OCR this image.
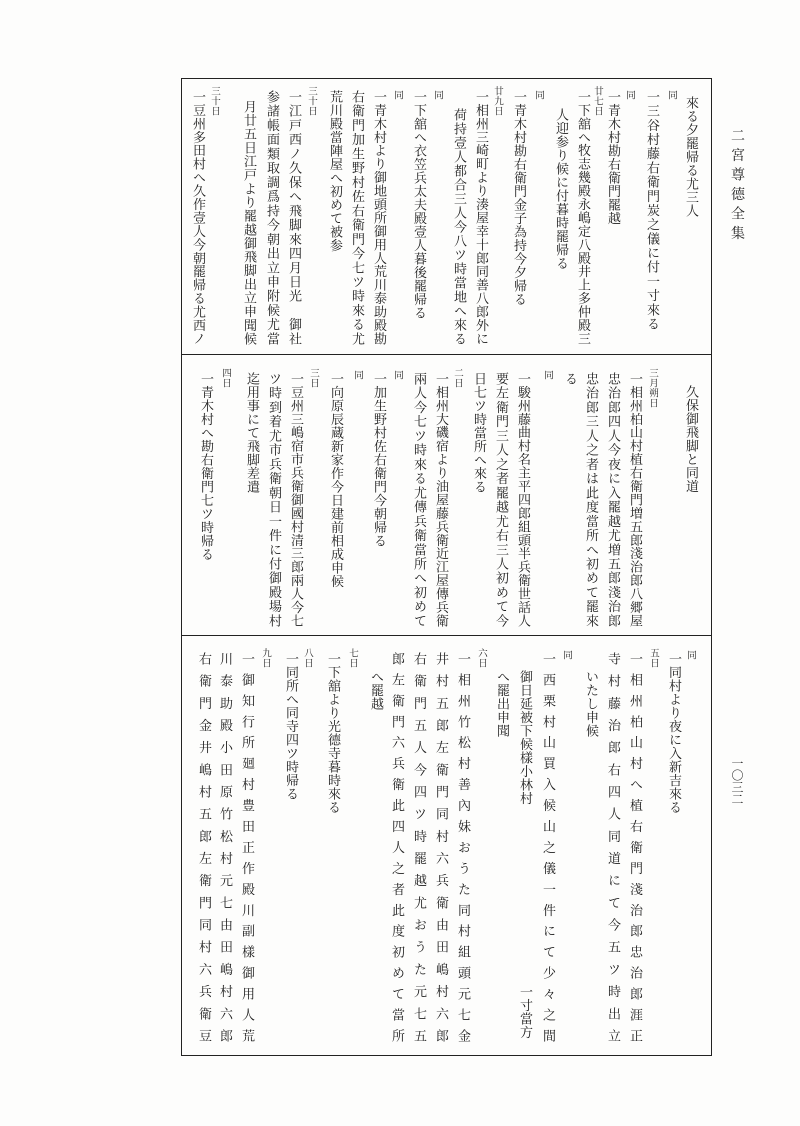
二宮尊德全集
一〇三二
來る夕罷帰る尤三人
同
一三谷村藤右衛門炭之儀に付一寸來る
同
一青木村勘右衛門罷越
廿七日
一下舘へ牧志幾殿永嶋定八殿井上多仲殿三
人迎参り候に付暮時罷帰る
同
一青木村勘右衛門金子為持今夕帰る
廿九日
一相州三崎町より湊屋幸十郎同善八郎外に
荷持壹人都合三人今八ツ時當地へ來る
同
一下舘へ衣笠兵太夫殿壹人暮後罷帰る
同
一青木村より御地頭所御用人荒川泰助殿勘
右衛門加生野村佐右衛門今七ツ時來る尤
荒川殿當陣屋へ初めて被参
三十日
一江戸西ノ久保へ飛脚來四月日光　御社
参諸帳面類取調爲持今朝出立申附候尤當
月廿五日江戸より罷越御飛脚出立申聞候
三十日
一豆州多田村へ久作壹人今朝罷帰る尤西ノ
久保御飛脚と同道
三月朔日
一相州柏山村植右衛門増五郎淺治郎八郷屋
忠治郎四人今夜に入罷越尤増五郎淺治郎
忠治郎三人之者は此度當所へ初めて罷來
る
同
一駿州藤曲村名主平四郎組頭半兵衛世話人
要左衛門三人之者罷越尤右三人初めて今
日七ツ時當所へ來る
二日
一相州大磯宿より油屋藤兵衛近江屋傳兵衛
兩人今七ツ時來る尤傳兵衛當所へ初めて
同
一加生野村佐右衛門今朝帰る
同
一向原辰蔵新家作今日建前相成申候
三日
一豆州三嶋宿市兵衛御國村清三郎兩人今七
ツ時到着尤市兵衛朝日一件に付御殿場村
迄用事にて飛脚差遣
四日
一青木村へ勘右衛門七ツ時帰る
同
一同村より夜に入新吉來る
五日
一相州柏山村へ植右衛門淺治郎忠治郎涯正
寺村藤治郎右四人同道にて今五ツ時出立
いたし申候
同
一西栗村山買入候山之儀一件にて少々之間
御日延被下候樣小林村
一寸當方
へ罷出申聞
六日
一相州竹松村善內妹おうた同村組頭元七金
井村五郎左衛門同村六兵衛由田嶋村六郎
右衛門五人今四ツ時罷越尤おうた元七五
郎左衛門六兵衛此四人之者此度初めて當所
へ罷越
七日
一下舘より光德寺暮時來る
八日
一同所へ同寺四ツ時帰る
九日
一御知行所廻村豊田正作殿川副樣御用人荒
川泰助殿小田原竹松村元七由田嶋村六郎
右衛門金井嶋村五郎左衛門同村六兵衛豆
